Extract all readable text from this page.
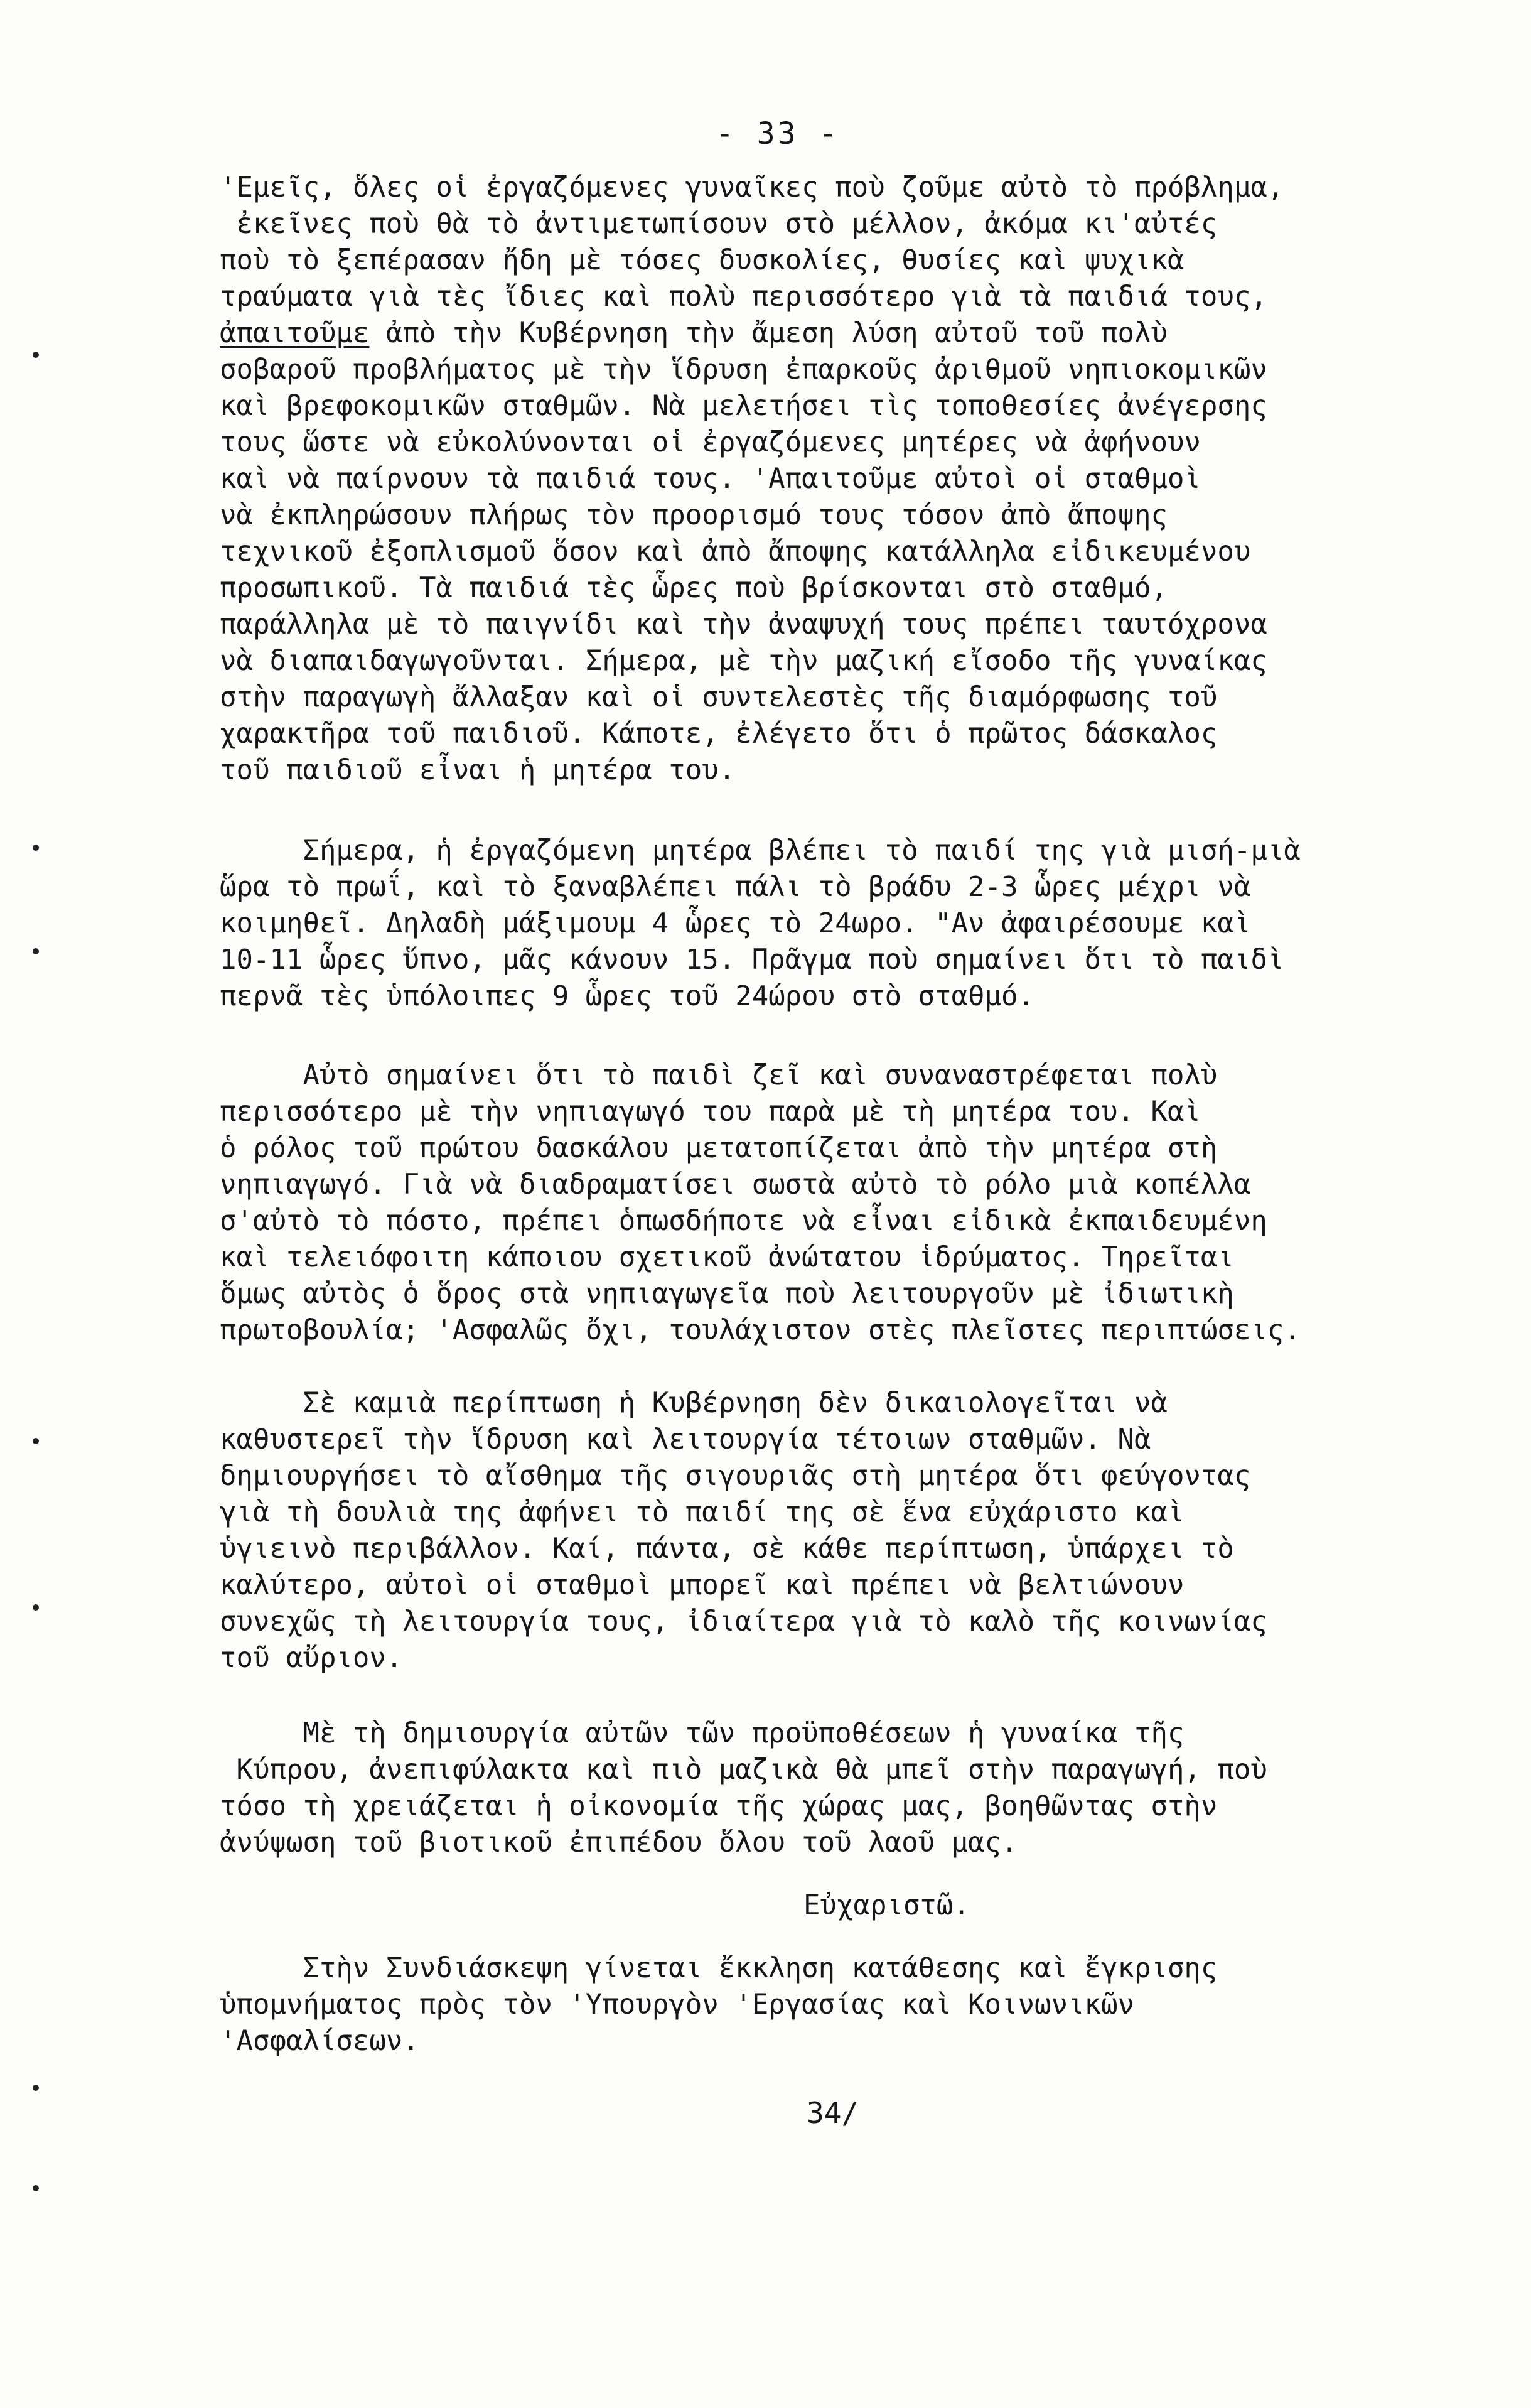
- 33 -
'Εμεῖς, ὅλες οἱ ἐργαζόμενες γυναῖκες ποὺ ζοῦμε αὐτὸ τὸ πρόβλημα,
ἐκεῖνες ποὺ θὰ τὸ ἀντιμετωπίσουν στὸ μέλλον, ἀκόμα κι'αὐτές
ποὺ τὸ ξεπέρασαν ἤδη μὲ τόσες δυσκολίες, θυσίες καὶ ψυχικὰ
τραύματα γιὰ τὲς ἴδιες καὶ πολὺ περισσότερο γιὰ τὰ παιδιά τους,
ἀπαιτοῦμε ἀπὸ τὴν Κυβέρνηση τὴν ἄμεση λύση αὐτοῦ τοῦ πολὺ
σοβαροῦ προβλήματος μὲ τὴν ἵδρυση ἐπαρκοῦς ἀριθμοῦ νηπιοκομικῶν
καὶ βρεφοκομικῶν σταθμῶν. Νὰ μελετήσει τὶς τοποθεσίες ἀνέγερσης
τους ὥστε νὰ εὐκολύνονται οἱ ἐργαζόμενες μητέρες νὰ ἀφήνουν
καὶ νὰ παίρνουν τὰ παιδιά τους. 'Απαιτοῦμε αὐτοὶ οἱ σταθμοὶ
νὰ ἐκπληρώσουν πλήρως τὸν προορισμό τους τόσον ἀπὸ ἄποψης
τεχνικοῦ ἐξοπλισμοῦ ὅσον καὶ ἀπὸ ἄποψης κατάλληλα εἰδικευμένου
προσωπικοῦ. Τὰ παιδιά τὲς ὧρες ποὺ βρίσκονται στὸ σταθμό,
παράλληλα μὲ τὸ παιγνίδι καὶ τὴν ἀναψυχή τους πρέπει ταυτόχρονα
νὰ διαπαιδαγωγοῦνται. Σήμερα, μὲ τὴν μαζική εἴσοδο τῆς γυναίκας
στὴν παραγωγὴ ἄλλαξαν καὶ οἱ συντελεστὲς τῆς διαμόρφωσης τοῦ
χαρακτῆρα τοῦ παιδιοῦ. Κάποτε, ἐλέγετο ὅτι ὁ πρῶτος δάσκαλος
τοῦ παιδιοῦ εἶναι ἡ μητέρα του.
Σήμερα, ἡ ἐργαζόμενη μητέρα βλέπει τὸ παιδί της γιὰ μισή-μιὰ
ὥρα τὸ πρωΐ, καὶ τὸ ξαναβλέπει πάλι τὸ βράδυ 2-3 ὧρες μέχρι νὰ
κοιμηθεῖ. Δηλαδὴ μάξιμουμ 4 ὧρες τὸ 24ωρο. "Αν ἀφαιρέσουμε καὶ
10-11 ὧρες ὕπνο, μᾶς κάνουν 15. Πρᾶγμα ποὺ σημαίνει ὅτι τὸ παιδὶ
περνᾶ τὲς ὑπόλοιπες 9 ὧρες τοῦ 24ώρου στὸ σταθμό.
Αὐτὸ σημαίνει ὅτι τὸ παιδὶ ζεῖ καὶ συναναστρέφεται πολὺ
περισσότερο μὲ τὴν νηπιαγωγό του παρὰ μὲ τὴ μητέρα του. Καὶ
ὁ ρόλος τοῦ πρώτου δασκάλου μετατοπίζεται ἀπὸ τὴν μητέρα στὴ
νηπιαγωγό. Γιὰ νὰ διαδραματίσει σωστὰ αὐτὸ τὸ ρόλο μιὰ κοπέλλα
σ'αὐτὸ τὸ πόστο, πρέπει ὁπωσδήποτε νὰ εἶναι εἰδικὰ ἐκπαιδευμένη
καὶ τελειόφοιτη κάποιου σχετικοῦ ἀνώτατου ἱδρύματος. Τηρεῖται
ὅμως αὐτὸς ὁ ὅρος στὰ νηπιαγωγεῖα ποὺ λειτουργοῦν μὲ ἰδιωτικὴ
πρωτοβουλία; 'Ασφαλῶς ὄχι, τουλάχιστον στὲς πλεῖστες περιπτώσεις.
Σὲ καμιὰ περίπτωση ἡ Κυβέρνηση δὲν δικαιολογεῖται νὰ
καθυστερεῖ τὴν ἵδρυση καὶ λειτουργία τέτοιων σταθμῶν. Νὰ
δημιουργήσει τὸ αἴσθημα τῆς σιγουριᾶς στὴ μητέρα ὅτι φεύγοντας
γιὰ τὴ δουλιὰ της ἀφήνει τὸ παιδί της σὲ ἕνα εὐχάριστο καὶ
ὑγιεινὸ περιβάλλον. Καί, πάντα, σὲ κάθε περίπτωση, ὑπάρχει τὸ
καλύτερο, αὐτοὶ οἱ σταθμοὶ μπορεῖ καὶ πρέπει νὰ βελτιώνουν
συνεχῶς τὴ λειτουργία τους, ἰδιαίτερα γιὰ τὸ καλὸ τῆς κοινωνίας
τοῦ αὔριον.
Μὲ τὴ δημιουργία αὐτῶν τῶν προϋποθέσεων ἡ γυναίκα τῆς
Κύπρου, ἀνεπιφύλακτα καὶ πιὸ μαζικὰ θὰ μπεῖ στὴν παραγωγή, ποὺ
τόσο τὴ χρειάζεται ἡ οἰκονομία τῆς χώρας μας, βοηθῶντας στὴν
ἀνύψωση τοῦ βιοτικοῦ ἐπιπέδου ὅλου τοῦ λαοῦ μας.
Εὐχαριστῶ.
Στὴν Συνδιάσκεψη γίνεται ἔκκληση κατάθεσης καὶ ἔγκρισης
ὑπομνήματος πρὸς τὸν 'Υπουργὸν 'Εργασίας καὶ Κοινωνικῶν
'Ασφαλίσεων.
34/
